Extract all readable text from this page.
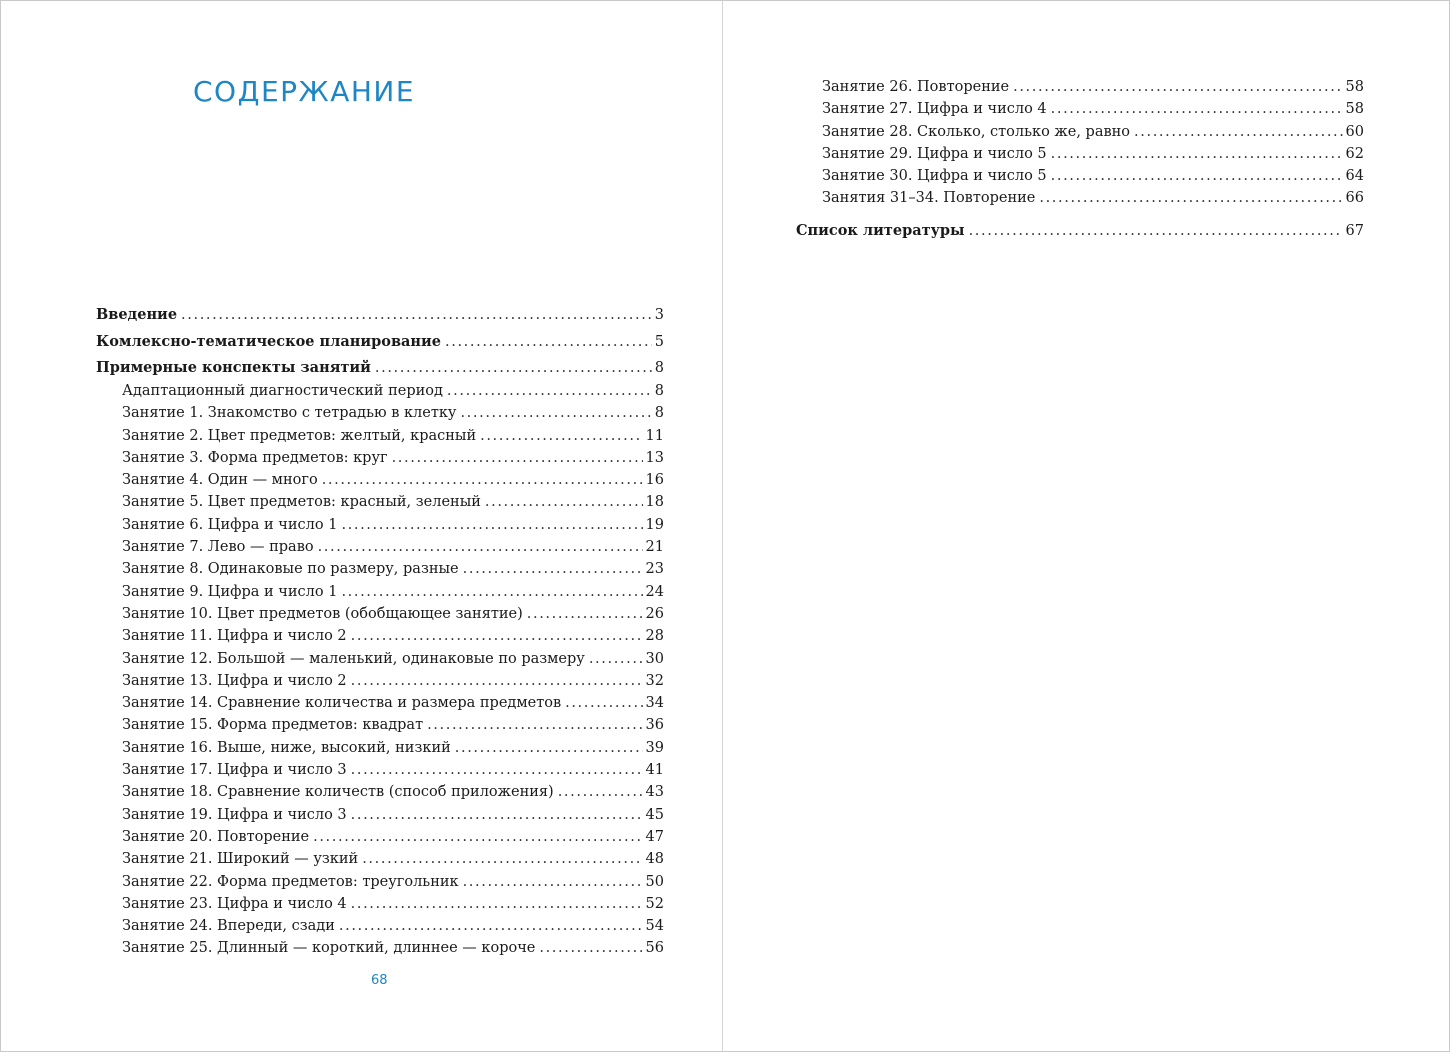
СОДЕРЖАНИЕ
Введение . . .	3
Комлексно-тематическое планирование . . .	5
Примерные конспекты занятий . . .	8
Адаптационный диагностический период . . .	8
Занятие 1. Знакомство с тетрадью в клетку . . .	8
Занятие 2. Цвет предметов: желтый, красный . . .	11
Занятие 3. Форма предметов: круг . . .	13
Занятие 4. Один — много . . .	16
Занятие 5. Цвет предметов: красный, зеленый . . .	18
Занятие 6. Цифра и число 1 . . .	19
Занятие 7. Лево — право . . .	21
Занятие 8. Одинаковые по размеру, разные . . .	23
Занятие 9. Цифра и число 1 . . .	24
Занятие 10. Цвет предметов (обобщающее занятие) . . .	26
Занятие 11. Цифра и число 2 . . .	28
Занятие 12. Большой — маленький, одинаковые по размеру . . .	30
Занятие 13. Цифра и число 2 . . .	32
Занятие 14. Сравнение количества и размера предметов . . .	34
Занятие 15. Форма предметов: квадрат . . .	36
Занятие 16. Выше, ниже, высокий, низкий . . .	39
Занятие 17. Цифра и число 3 . . .	41
Занятие 18. Сравнение количеств (способ приложения) . . .	43
Занятие 19. Цифра и число 3 . . .	45
Занятие 20. Повторение . . .	47
Занятие 21. Широкий — узкий . . .	48
Занятие 22. Форма предметов: треугольник . . .	50
Занятие 23. Цифра и число 4 . . .	52
Занятие 24. Впереди, сзади . . .	54
Занятие 25. Длинный — короткий, длиннее — короче . . .	56
68
Занятие 26. Повторение . . .	58
Занятие 27. Цифра и число 4 . . .	58
Занятие 28. Сколько, столько же, равно . . .	60
Занятие 29. Цифра и число 5 . . .	62
Занятие 30. Цифра и число 5 . . .	64
Занятия 31–34. Повторение . . .	66
Список литературы . . .	67
